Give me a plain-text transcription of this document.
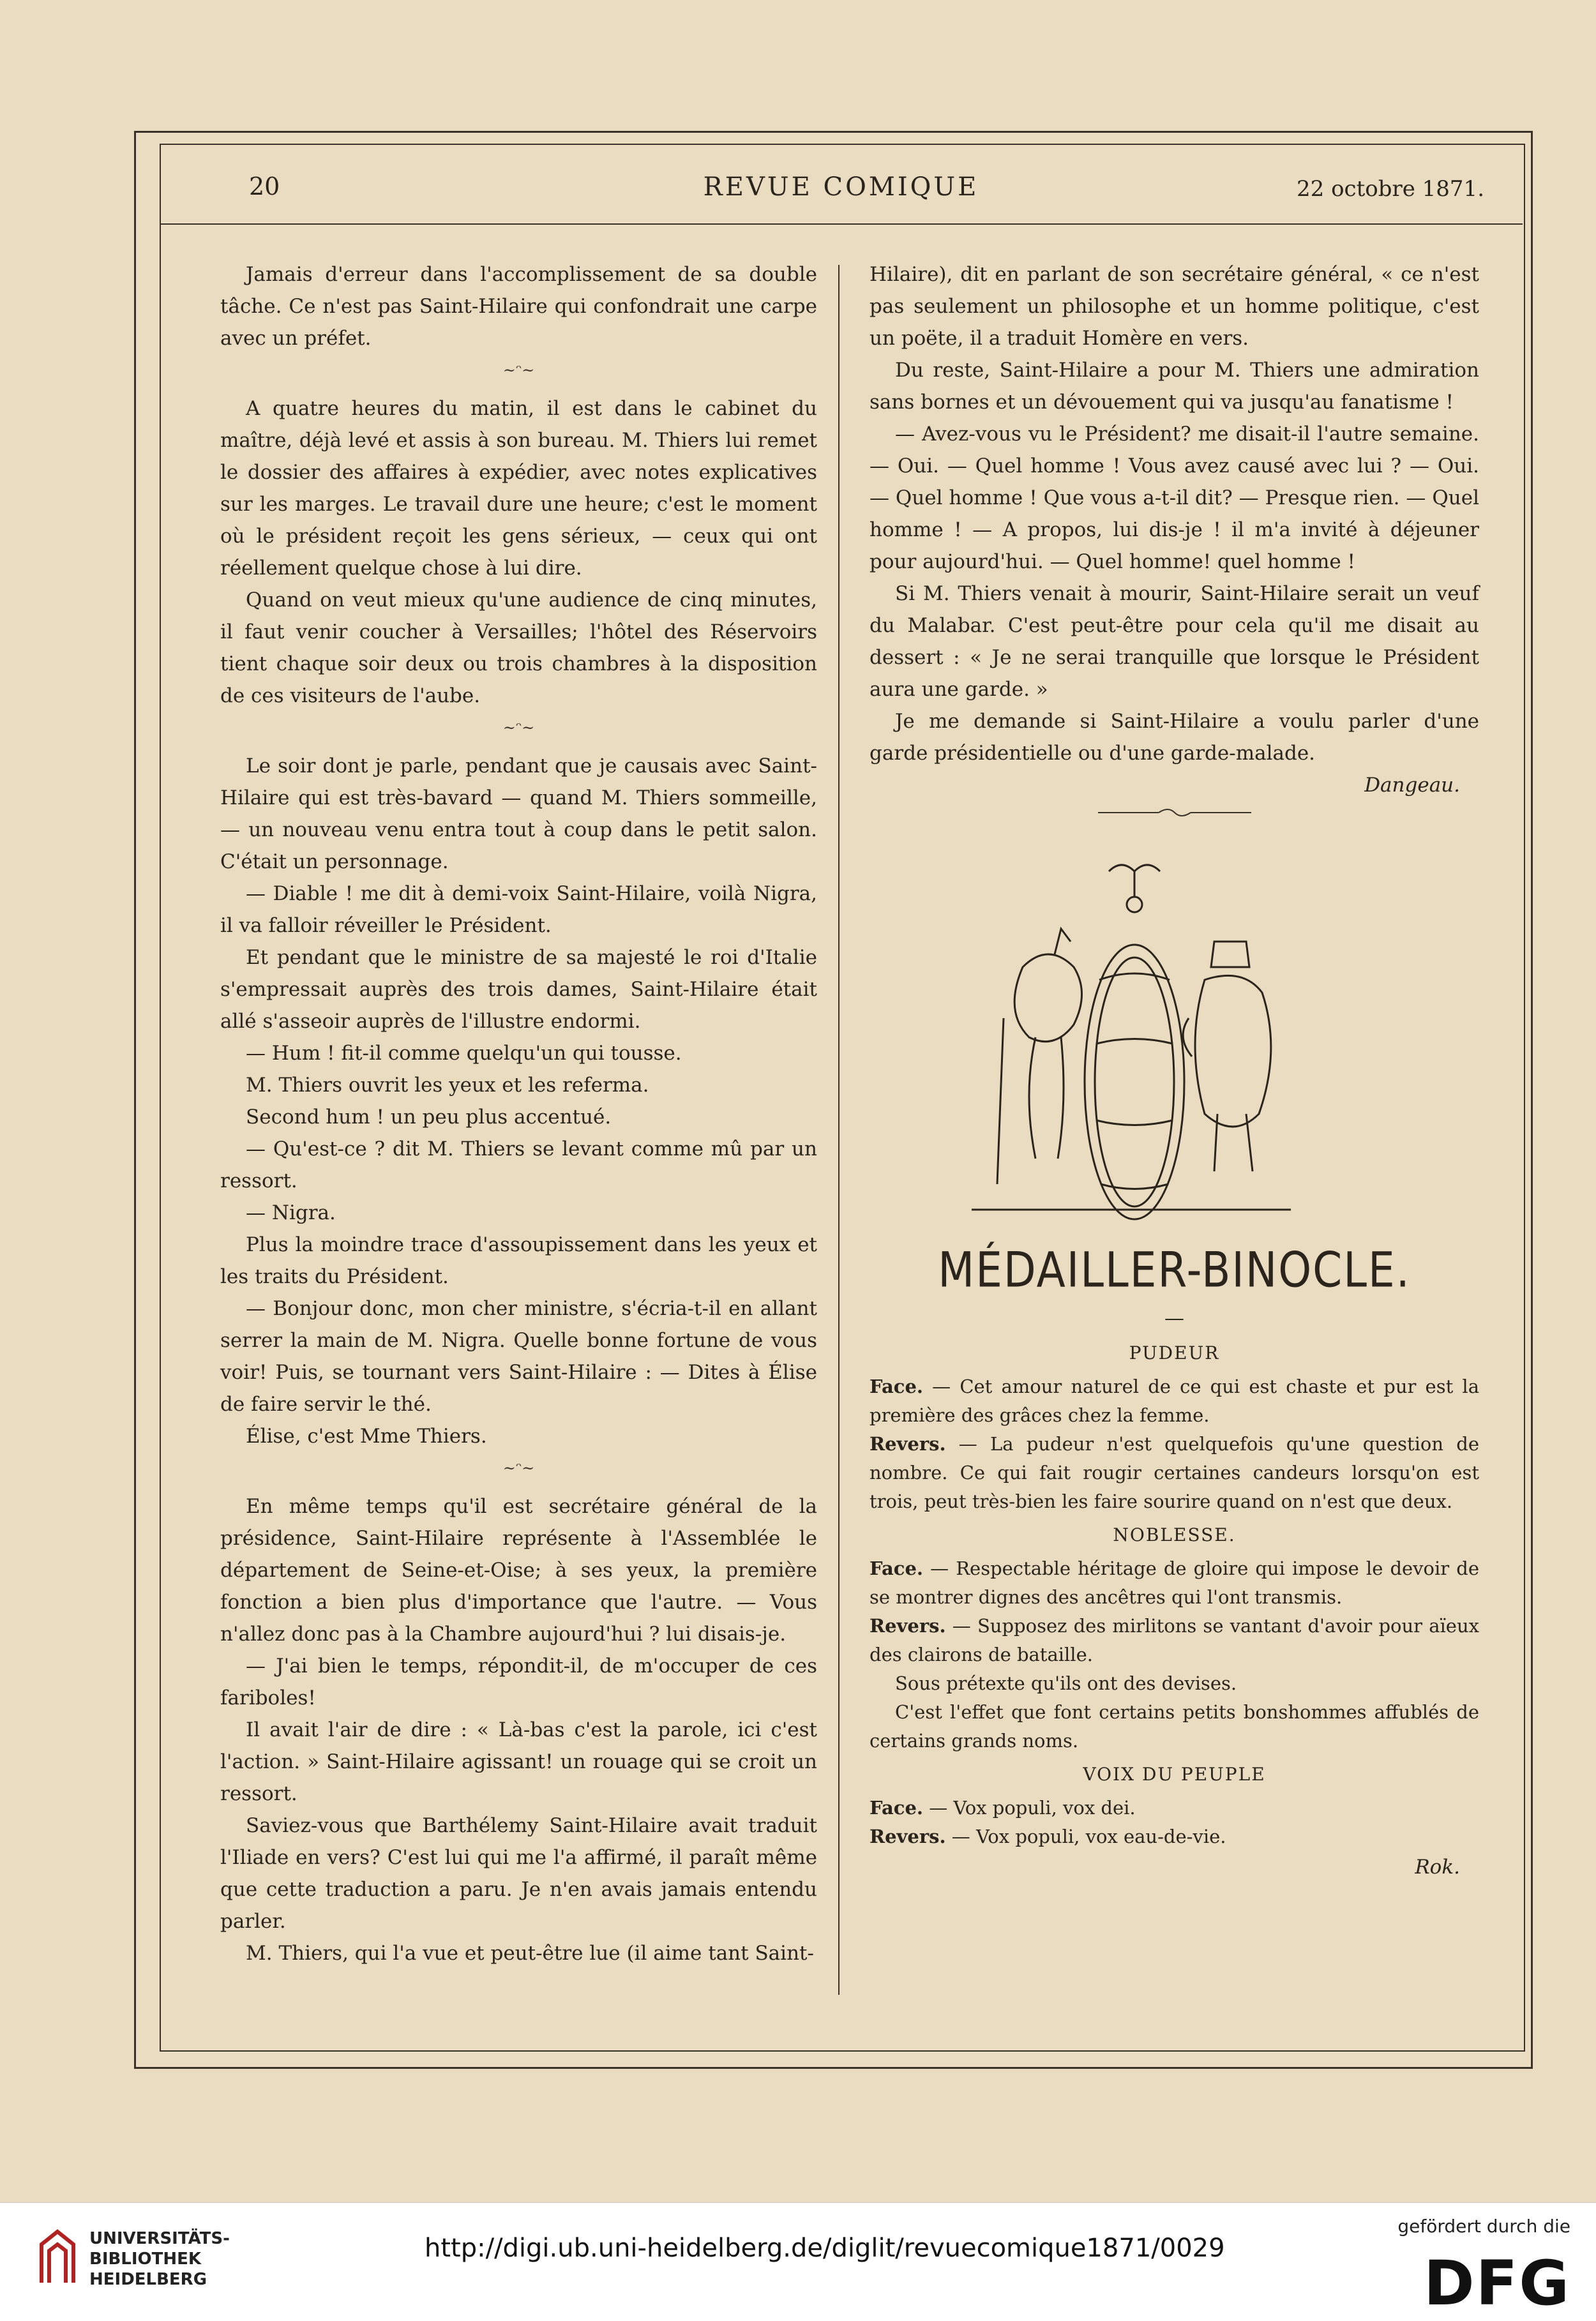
20	REVUE COMIQUE	22 octobre 1871.

Jamais d'erreur dans l'accomplissement de sa double tâche. Ce n'est pas Saint-Hilaire qui confondrait une carpe avec un préfet.

~ᵔ~

A quatre heures du matin, il est dans le cabinet du maître, déjà levé et assis à son bureau. M. Thiers lui remet le dossier des affaires à expédier, avec notes explicatives sur les marges. Le travail dure une heure; c'est le moment où le président reçoit les gens sérieux, — ceux qui ont réellement quelque chose à lui dire.

Quand on veut mieux qu'une audience de cinq minutes, il faut venir coucher à Versailles; l'hôtel des Réservoirs tient chaque soir deux ou trois chambres à la disposition de ces visiteurs de l'aube.

~ᵔ~

Le soir dont je parle, pendant que je causais avec Saint-Hilaire qui est très-bavard — quand M. Thiers sommeille,— un nouveau venu entra tout à coup dans le petit salon. C'était un personnage.

— Diable ! me dit à demi-voix Saint-Hilaire, voilà Nigra, il va falloir réveiller le Président.

Et pendant que le ministre de sa majesté le roi d'Italie s'empressait auprès des trois dames, Saint-Hilaire était allé s'asseoir auprès de l'illustre endormi.

— Hum ! fit-il comme quelqu'un qui tousse.

M. Thiers ouvrit les yeux et les referma.

Second hum ! un peu plus accentué.

— Qu'est-ce ? dit M. Thiers se levant comme mû par un ressort.

— Nigra.

Plus la moindre trace d'assoupissement dans les yeux et les traits du Président.

— Bonjour donc, mon cher ministre, s'écria-t-il en allant serrer la main de M. Nigra. Quelle bonne fortune de vous voir! Puis, se tournant vers Saint-Hilaire : — Dites à Élise de faire servir le thé.

Élise, c'est Mme Thiers.

~ᵔ~

En même temps qu'il est secrétaire général de la présidence, Saint-Hilaire représente à l'Assemblée le département de Seine-et-Oise; à ses yeux, la première fonction a bien plus d'importance que l'autre. — Vous n'allez donc pas à la Chambre aujourd'hui ? lui disais-je.

— J'ai bien le temps, répondit-il, de m'occuper de ces fariboles!

Il avait l'air de dire : « Là-bas c'est la parole, ici c'est l'action. » Saint-Hilaire agissant! un rouage qui se croit un ressort.

Saviez-vous que Barthélemy Saint-Hilaire avait traduit l'Iliade en vers? C'est lui qui me l'a affirmé, il paraît même que cette traduction a paru. Je n'en avais jamais entendu parler.

M. Thiers, qui l'a vue et peut-être lue (il aime tant Saint-

Hilaire), dit en parlant de son secrétaire général, « ce n'est pas seulement un philosophe et un homme politique, c'est un poëte, il a traduit Homère en vers.

Du reste, Saint-Hilaire a pour M. Thiers une admiration sans bornes et un dévouement qui va jusqu'au fanatisme !

— Avez-vous vu le Président? me disait-il l'autre semaine. — Oui. — Quel homme ! Vous avez causé avec lui ? — Oui. — Quel homme ! Que vous a-t-il dit? — Presque rien. — Quel homme ! — A propos, lui dis-je ! il m'a invité à déjeuner pour aujourd'hui. — Quel homme! quel homme !

Si M. Thiers venait à mourir, Saint-Hilaire serait un veuf du Malabar. C'est peut-être pour cela qu'il me disait au dessert : « Je ne serai tranquille que lorsque le Président aura une garde. »

Je me demande si Saint-Hilaire a voulu parler d'une garde présidentielle ou d'une garde-malade.

Dangeau.
MÉDAILLER-BINOCLE.
—
PUDEUR
Face. — Cet amour naturel de ce qui est chaste et pur est la première des grâces chez la femme.
Revers. — La pudeur n'est quelquefois qu'une question de nombre. Ce qui fait rougir certaines candeurs lorsqu'on est trois, peut très-bien les faire sourire quand on n'est que deux.
NOBLESSE.
Face. — Respectable héritage de gloire qui impose le devoir de se montrer dignes des ancêtres qui l'ont transmis.
Revers. — Supposez des mirlitons se vantant d'avoir pour aïeux des clairons de bataille.
Sous prétexte qu'ils ont des devises.
C'est l'effet que font certains petits bonshommes affublés de certains grands noms.
VOIX DU PEUPLE
Face. — Vox populi, vox dei.
Revers. — Vox populi, vox eau-de-vie.
Rok.
UNIVERSITÄTS-
BIBLIOTHEK
HEIDELBERG
http://digi.ub.uni-heidelberg.de/diglit/revuecomique1871/0029
gefördert durch die
DFG
